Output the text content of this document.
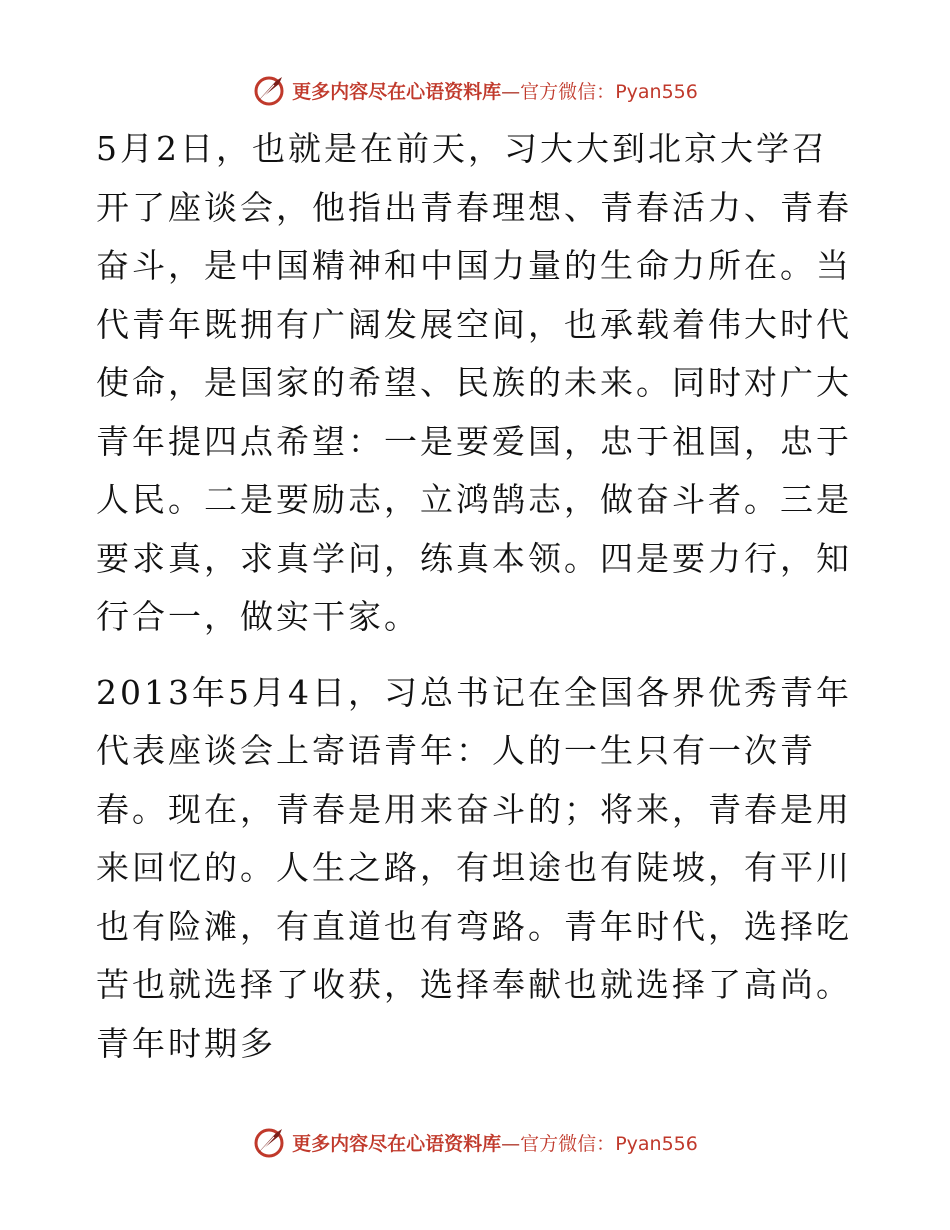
更多内容尽在心语资料库—官方微信：Pyan556

5月2日，也就是在前天，习大大到北京大学召开了座谈会，他指出青春理想、青春活力、青春奋斗，是中国精神和中国力量的生命力所在。当代青年既拥有广阔发展空间，也承载着伟大时代使命，是国家的希望、民族的未来。同时对广大青年提四点希望：一是要爱国，忠于祖国，忠于人民。二是要励志，立鸿鹄志，做奋斗者。三是要求真，求真学问，练真本领。四是要力行，知行合一，做实干家。

2013年5月4日，习总书记在全国各界优秀青年代表座谈会上寄语青年：人的一生只有一次青春。现在，青春是用来奋斗的；将来，青春是用来回忆的。人生之路，有坦途也有陡坡，有平川也有险滩，有直道也有弯路。青年时代，选择吃苦也就选择了收获，选择奉献也就选择了高尚。青年时期多

更多内容尽在心语资料库—官方微信：Pyan556
